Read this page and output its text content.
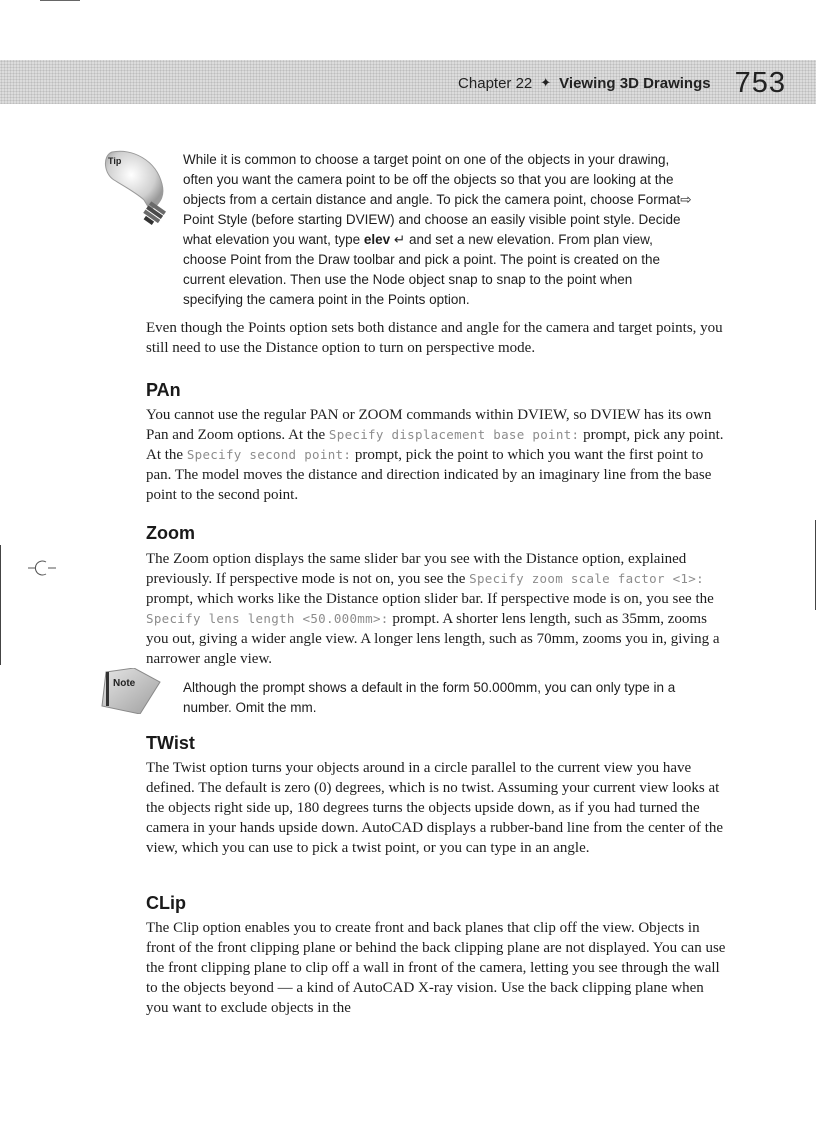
Chapter 22 ✦ Viewing 3D Drawings 753
Tip	While it is common to choose a target point on one of the objects in your drawing, often you want the camera point to be off the objects so that you are looking at the objects from a certain distance and angle. To pick the camera point, choose Format⇨ Point Style (before starting DVIEW) and choose an easily visible point style. Decide what elevation you want, type elev ↵ and set a new elevation. From plan view, choose Point from the Draw toolbar and pick a point. The point is created on the current elevation. Then use the Node object snap to snap to the point when specifying the camera point in the Points option.
Even though the Points option sets both distance and angle for the camera and target points, you still need to use the Distance option to turn on perspective mode.
PAn
You cannot use the regular PAN or ZOOM commands within DVIEW, so DVIEW has its own Pan and Zoom options. At the Specify displacement base point: prompt, pick any point. At the Specify second point: prompt, pick the point to which you want the first point to pan. The model moves the distance and direction indicated by an imaginary line from the base point to the second point.
Zoom
The Zoom option displays the same slider bar you see with the Distance option, explained previously. If perspective mode is not on, you see the Specify zoom scale factor <1>: prompt, which works like the Distance option slider bar. If perspective mode is on, you see the Specify lens length <50.000mm>: prompt. A shorter lens length, such as 35mm, zooms you out, giving a wider angle view. A longer lens length, such as 70mm, zooms you in, giving a narrower angle view.
Note	Although the prompt shows a default in the form 50.000mm, you can only type in a number. Omit the mm.
TWist
The Twist option turns your objects around in a circle parallel to the current view you have defined. The default is zero (0) degrees, which is no twist. Assuming your current view looks at the objects right side up, 180 degrees turns the objects upside down, as if you had turned the camera in your hands upside down. AutoCAD displays a rubber-band line from the center of the view, which you can use to pick a twist point, or you can type in an angle.
CLip
The Clip option enables you to create front and back planes that clip off the view. Objects in front of the front clipping plane or behind the back clipping plane are not displayed. You can use the front clipping plane to clip off a wall in front of the camera, letting you see through the wall to the objects beyond — a kind of AutoCAD X-ray vision. Use the back clipping plane when you want to exclude objects in the
